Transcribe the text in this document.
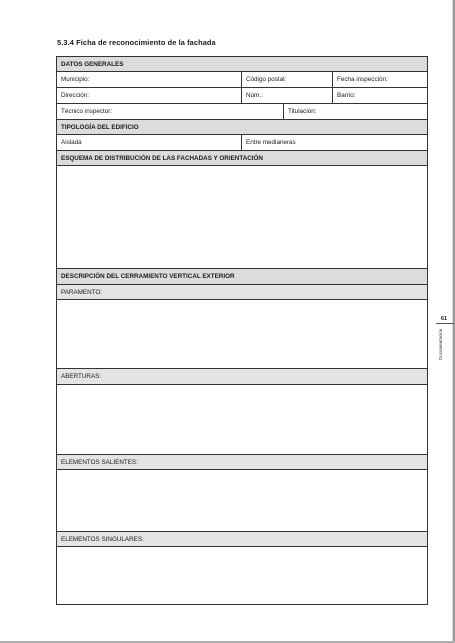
5.3.4 Ficha de reconocimiento de la fachada
DATOS GENERALES
Municipio:	Código postal:	Fecha inspección:
Dirección:	Núm.:	Barrio:
Técnico inspector:	Titulación:
TIPOLOGÍA DEL EDIFICIO
Aislada	Entre medianeras
ESQUEMA DE DISTRIBUCIÓN DE LAS FACHADAS Y ORIENTACIÓN
DESCRIPCIÓN DEL CERRAMIENTO VERTICAL EXTERIOR
PARAMENTO:
ABERTURAS:
ELEMENTOS SALIENTES:
ELEMENTOS SINGULARES:
61
Documentación
